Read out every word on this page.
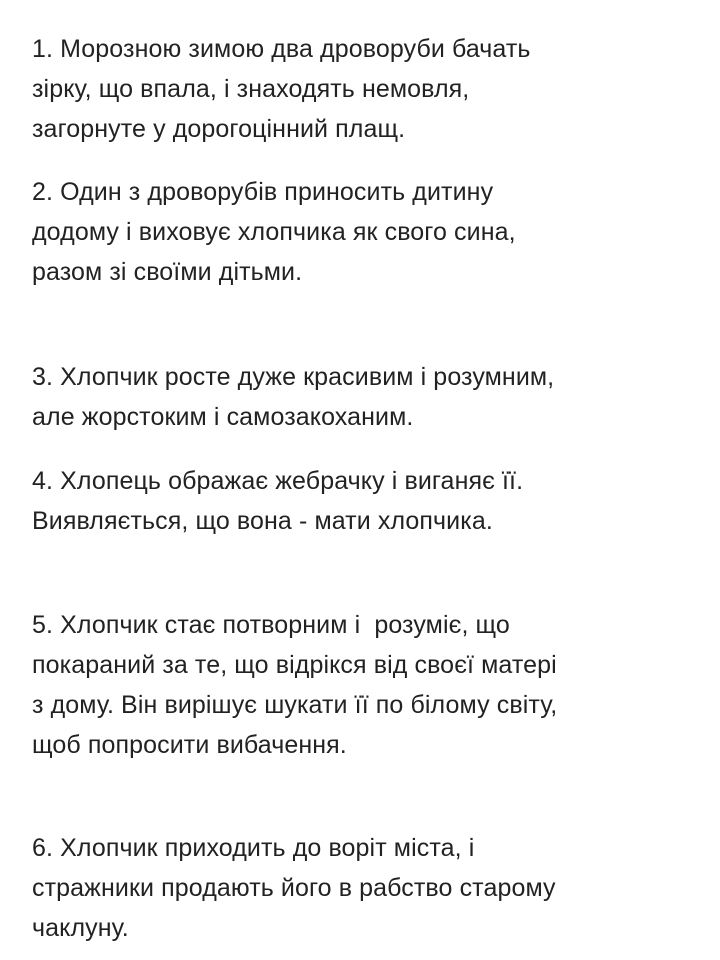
1. Морозною зимою два дроворуби бачать
зірку, що впала, і знаходять немовля,
загорнуте у дорогоцінний плащ.

2. Один з дроворубів приносить дитину
додому і виховує хлопчика як свого сина,
разом зі своїми дітьми.

3. Хлопчик росте дуже красивим і розумним,
але жорстоким і самозакоханим.

4. Хлопець ображає жебрачку і виганяє її.
Виявляється, що вона - мати хлопчика.

5. Хлопчик стає потворним і  розуміє, що
покараний за те, що відрікся від своєї матері
з дому. Він вирішує шукати її по білому світу,
щоб попросити вибачення.

6. Хлопчик приходить до воріт міста, і
стражники продають його в рабство старому
чаклуну.
